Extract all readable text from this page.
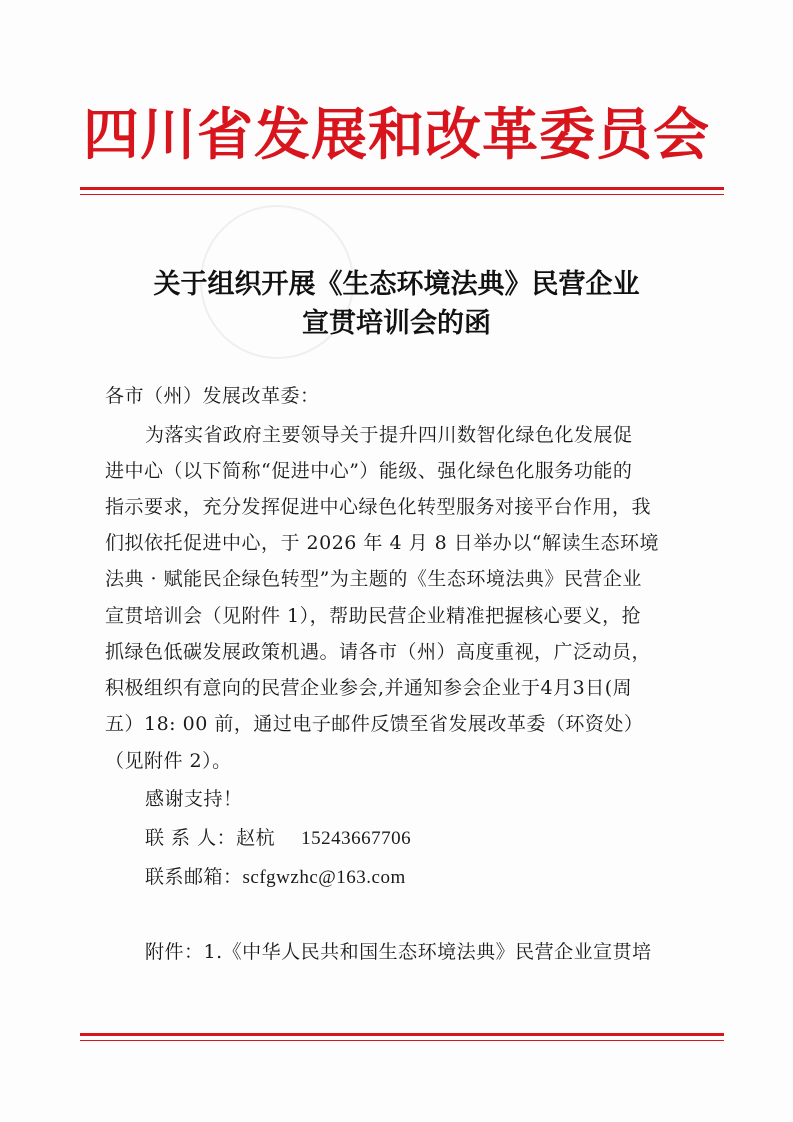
四川省发展和改革委员会
关于组织开展《生态环境法典》民营企业
宣贯培训会的函
各市（州）发展改革委：
为落实省政府主要领导关于提升四川数智化绿色化发展促
进中心（以下简称“促进中心”）能级、强化绿色化服务功能的
指示要求，充分发挥促进中心绿色化转型服务对接平台作用，我
们拟依托促进中心，于 2026 年 4 月 8 日举办以“解读生态环境
法典 · 赋能民企绿色转型”为主题的《生态环境法典》民营企业
宣贯培训会（见附件 1），帮助民营企业精准把握核心要义，抢
抓绿色低碳发展政策机遇。请各市（州）高度重视，广泛动员，
积极组织有意向的民营企业参会,并通知参会企业于4月3日(周
五）18: 00 前，通过电子邮件反馈至省发展改革委（环资处）
（见附件 2）。
感谢支持！
联 系 人：赵杭 15243667706
联系邮箱：scfgwzhc@163.com
附件：1.《中华人民共和国生态环境法典》民营企业宣贯培
